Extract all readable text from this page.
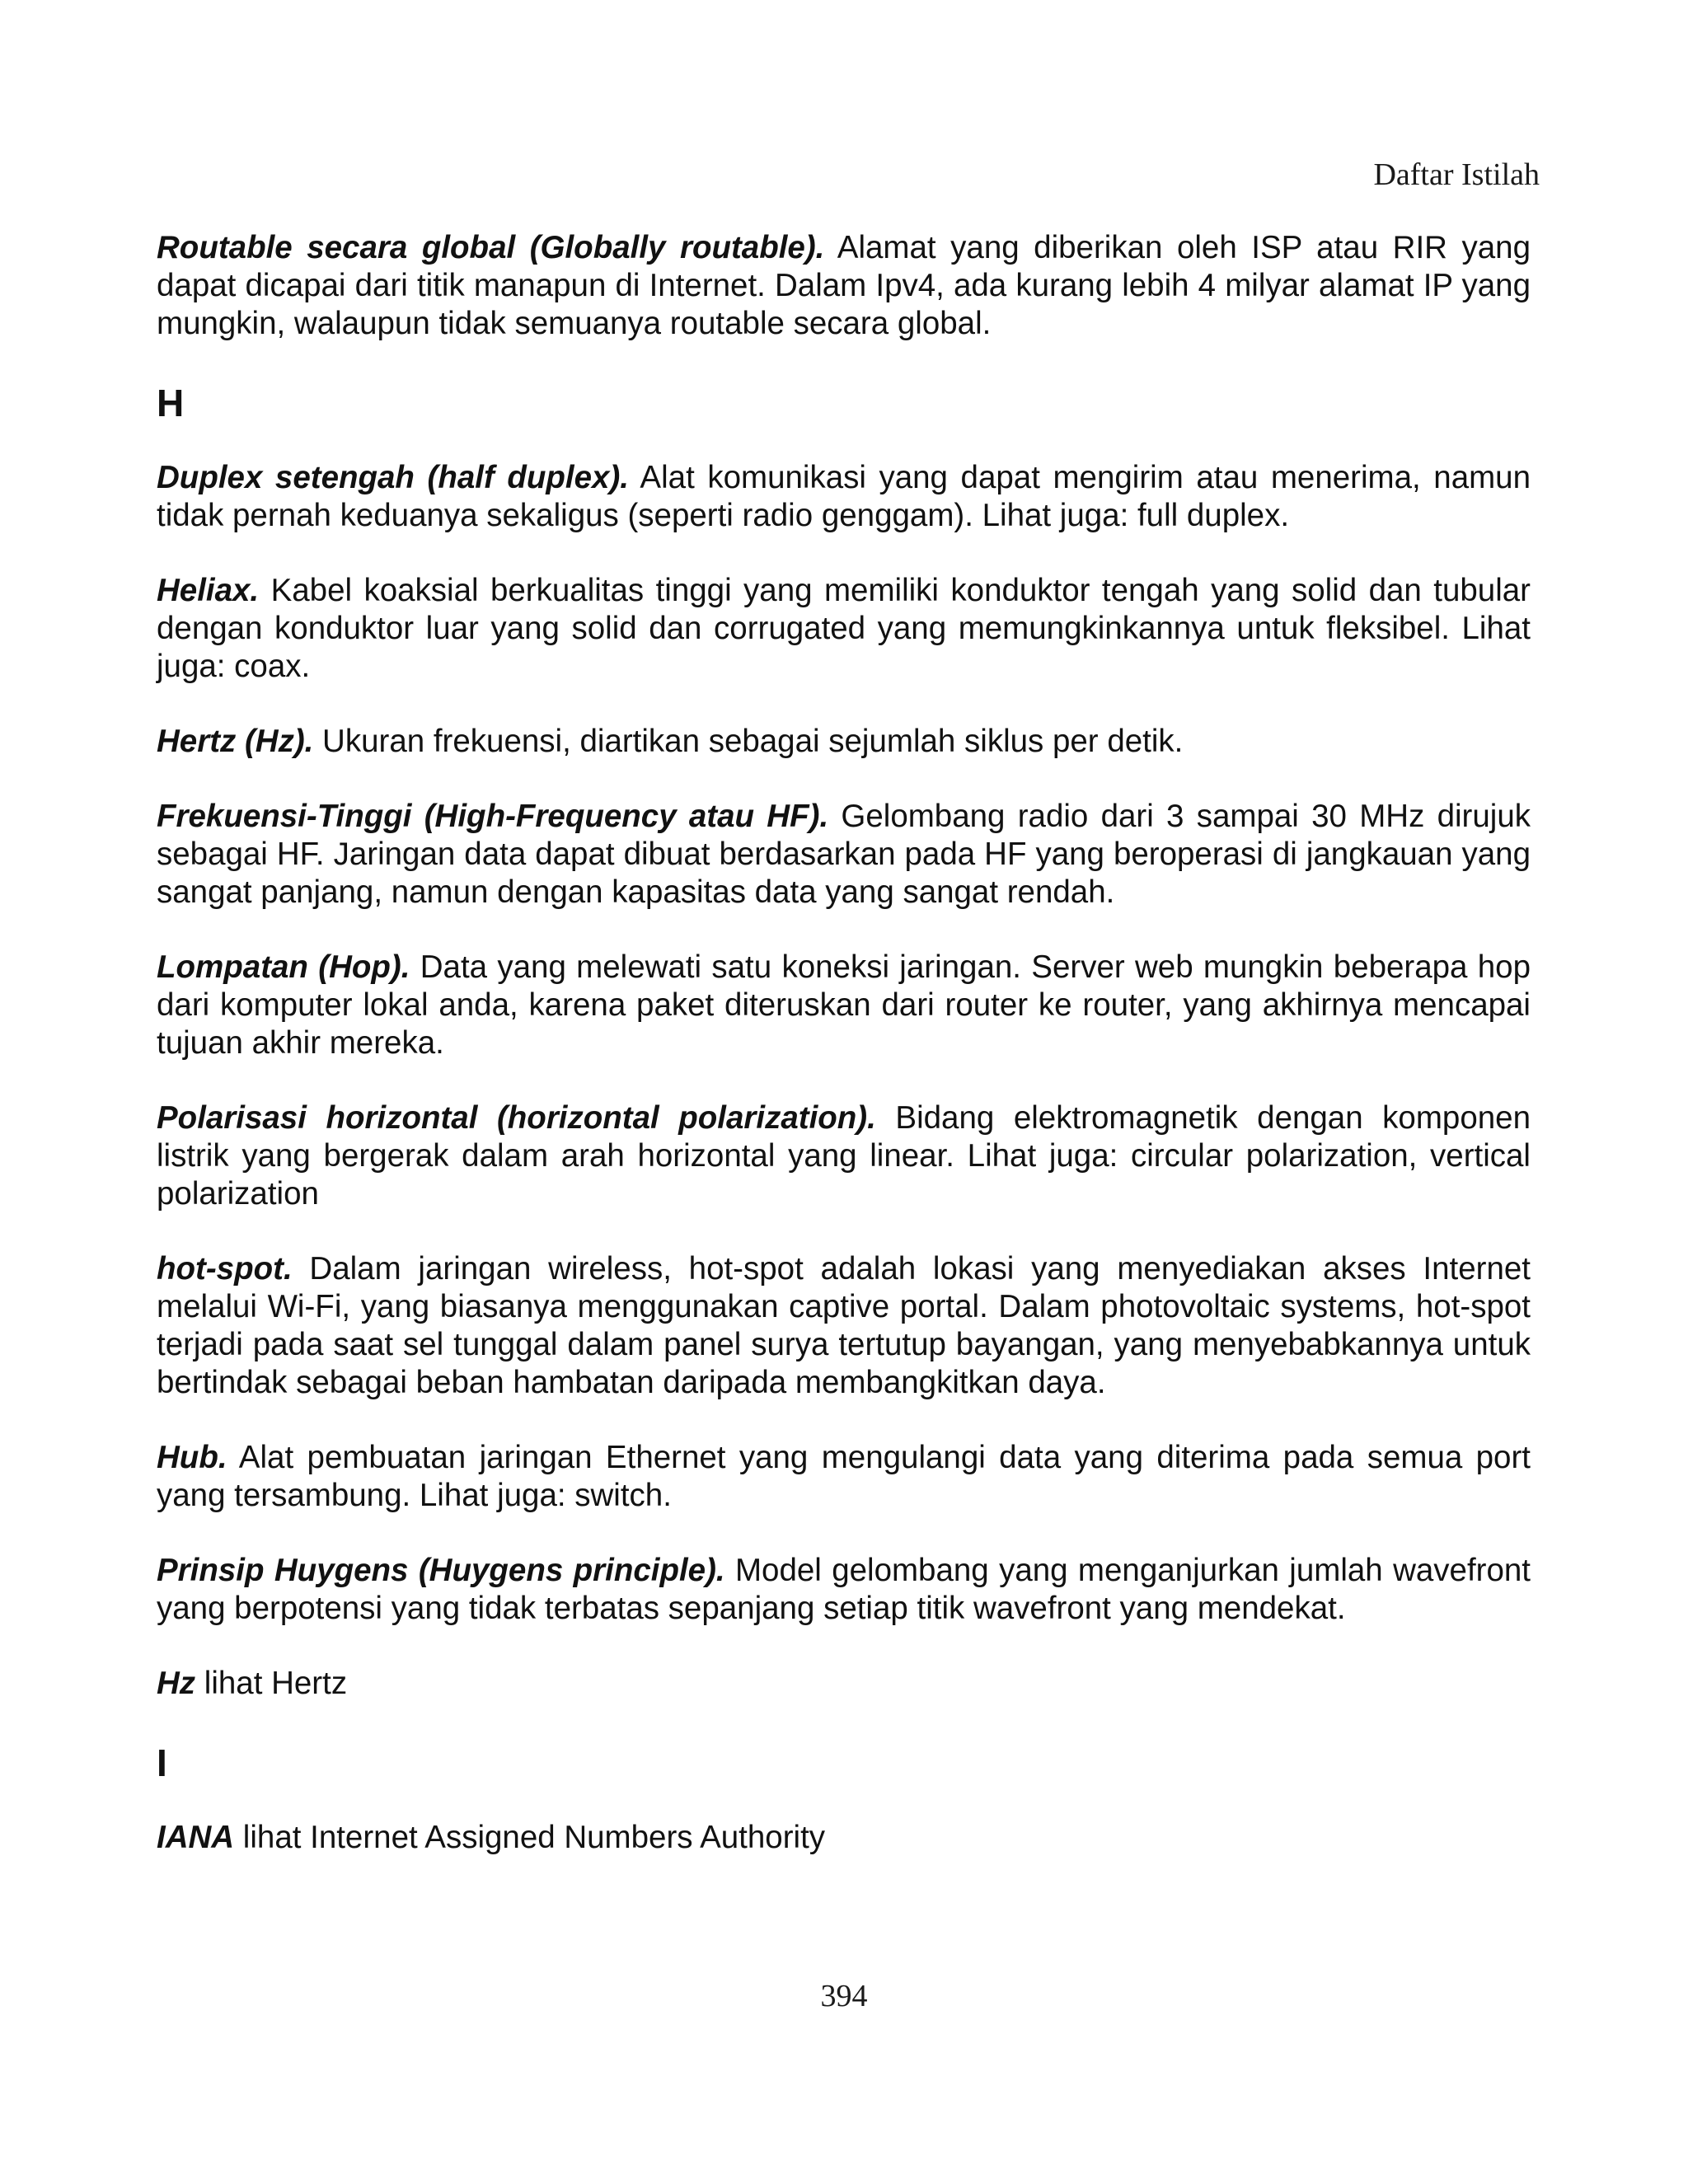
Daftar Istilah

Routable secara global (Globally routable). Alamat yang diberikan oleh ISP atau RIR yang dapat dicapai dari titik manapun di Internet. Dalam Ipv4, ada kurang lebih 4 milyar alamat IP yang mungkin, walaupun tidak semuanya routable secara global.

H

Duplex setengah (half duplex). Alat komunikasi yang dapat mengirim atau menerima, namun tidak pernah keduanya sekaligus (seperti radio genggam). Lihat juga: full duplex.

Heliax. Kabel koaksial berkualitas tinggi yang memiliki konduktor tengah yang solid dan tubular dengan konduktor luar yang solid dan corrugated yang memungkinkannya untuk fleksibel. Lihat juga: coax.

Hertz (Hz). Ukuran frekuensi, diartikan sebagai sejumlah siklus per detik.

Frekuensi-Tinggi (High-Frequency atau HF). Gelombang radio dari 3 sampai 30 MHz dirujuk sebagai HF. Jaringan data dapat dibuat berdasarkan pada HF yang beroperasi di jangkauan yang sangat panjang, namun dengan kapasitas data yang sangat rendah.

Lompatan (Hop). Data yang melewati satu koneksi jaringan. Server web mungkin beberapa hop dari komputer lokal anda, karena paket diteruskan dari router ke router, yang akhirnya mencapai tujuan akhir mereka.

Polarisasi horizontal (horizontal polarization). Bidang elektromagnetik dengan komponen listrik yang bergerak dalam arah horizontal yang linear. Lihat juga: circular polarization, vertical polarization

hot-spot. Dalam jaringan wireless, hot-spot adalah lokasi yang menyediakan akses Internet melalui Wi-Fi, yang biasanya menggunakan captive portal. Dalam photovoltaic systems, hot-spot terjadi pada saat sel tunggal dalam panel surya tertutup bayangan, yang menyebabkannya untuk bertindak sebagai beban hambatan daripada membangkitkan daya.

Hub. Alat pembuatan jaringan Ethernet yang mengulangi data yang diterima pada semua port yang tersambung. Lihat juga: switch.

Prinsip Huygens (Huygens principle). Model gelombang yang menganjurkan jumlah wavefront yang berpotensi yang tidak terbatas sepanjang setiap titik wavefront yang mendekat.

Hz lihat Hertz

I

IANA lihat Internet Assigned Numbers Authority

394
